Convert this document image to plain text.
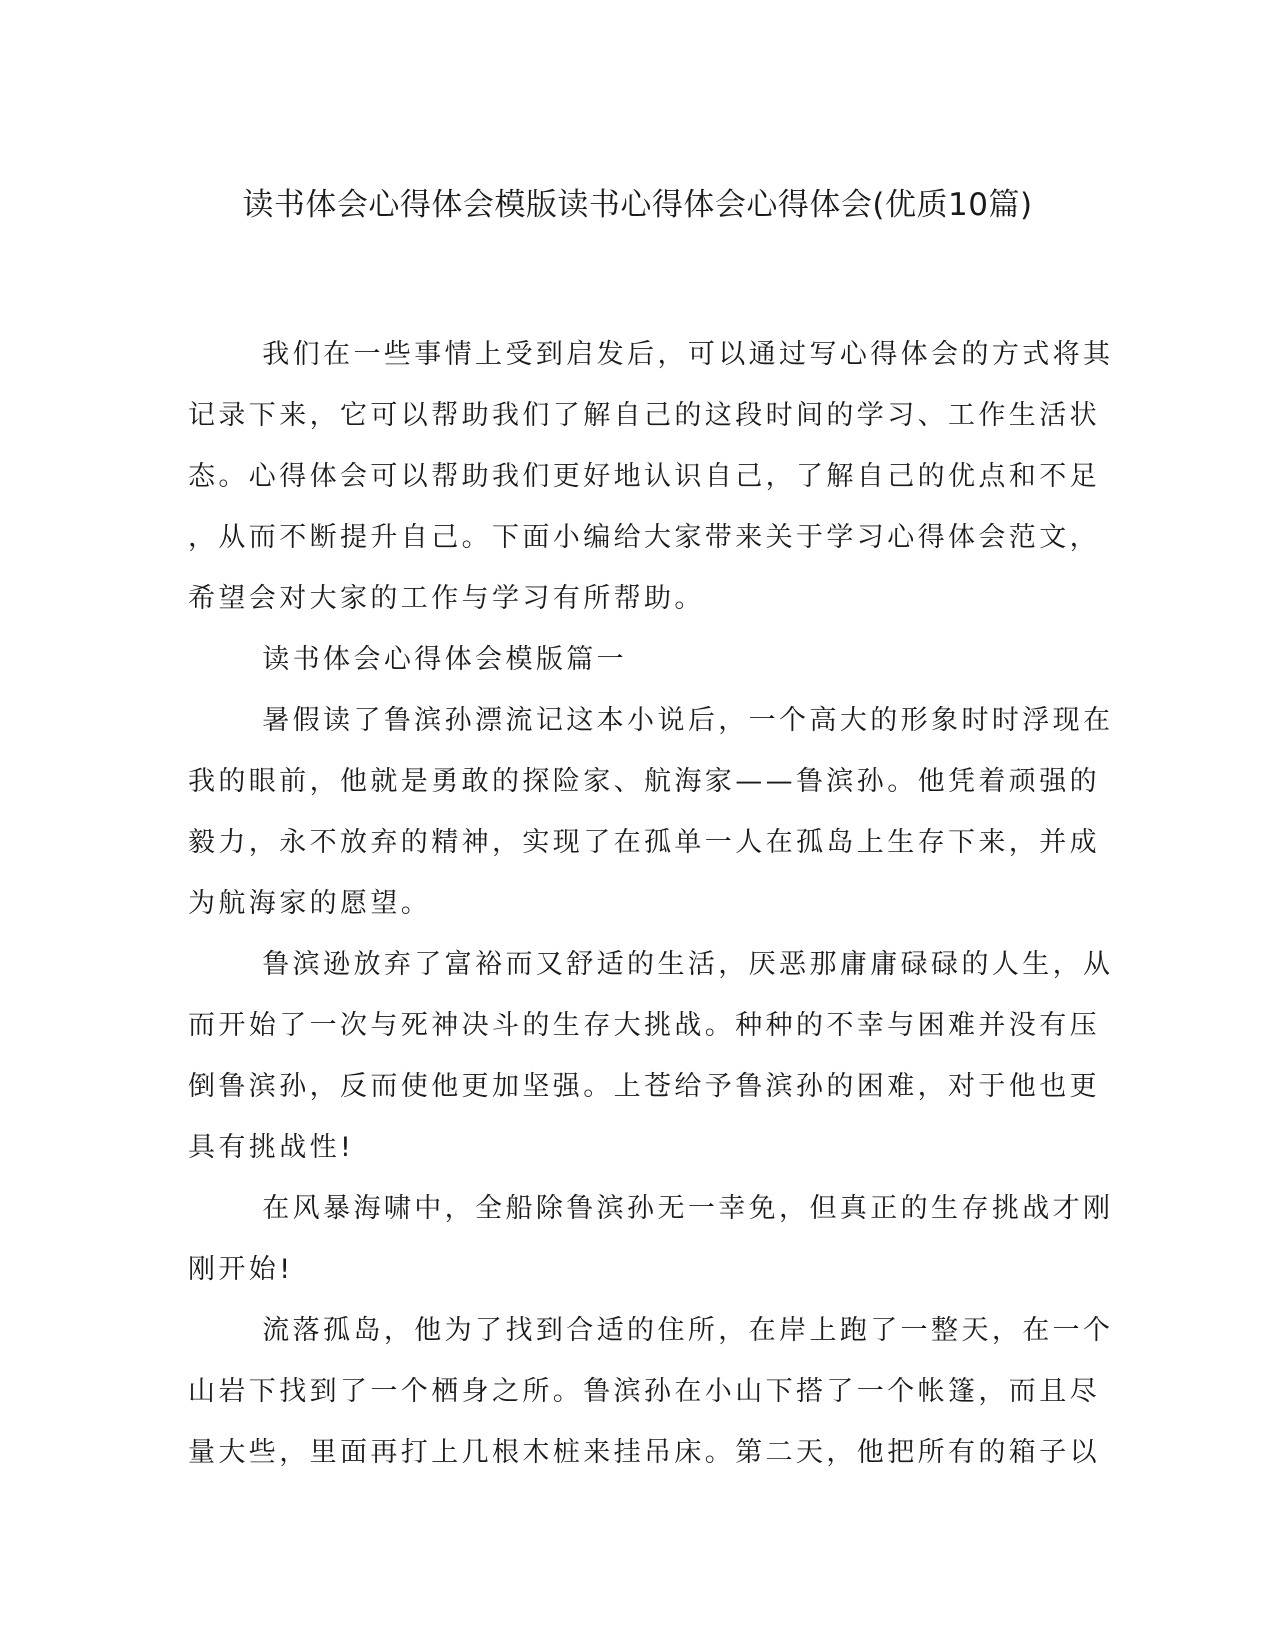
读书体会心得体会模版读书心得体会心得体会(优质10篇)
我们在一些事情上受到启发后，可以通过写心得体会的方式将其
记录下来，它可以帮助我们了解自己的这段时间的学习、工作生活状
态。心得体会可以帮助我们更好地认识自己，了解自己的优点和不足
，从而不断提升自己。下面小编给大家带来关于学习心得体会范文，
希望会对大家的工作与学习有所帮助。
读书体会心得体会模版篇一
暑假读了鲁滨孙漂流记这本小说后，一个高大的形象时时浮现在
我的眼前，他就是勇敢的探险家、航海家——鲁滨孙。他凭着顽强的
毅力，永不放弃的精神，实现了在孤单一人在孤岛上生存下来，并成
为航海家的愿望。
鲁滨逊放弃了富裕而又舒适的生活，厌恶那庸庸碌碌的人生，从
而开始了一次与死神决斗的生存大挑战。种种的不幸与困难并没有压
倒鲁滨孙，反而使他更加坚强。上苍给予鲁滨孙的困难，对于他也更
具有挑战性!
在风暴海啸中，全船除鲁滨孙无一幸免，但真正的生存挑战才刚
刚开始!
流落孤岛，他为了找到合适的住所，在岸上跑了一整天，在一个
山岩下找到了一个栖身之所。鲁滨孙在小山下搭了一个帐篷，而且尽
量大些，里面再打上几根木桩来挂吊床。第二天，他把所有的箱子以
